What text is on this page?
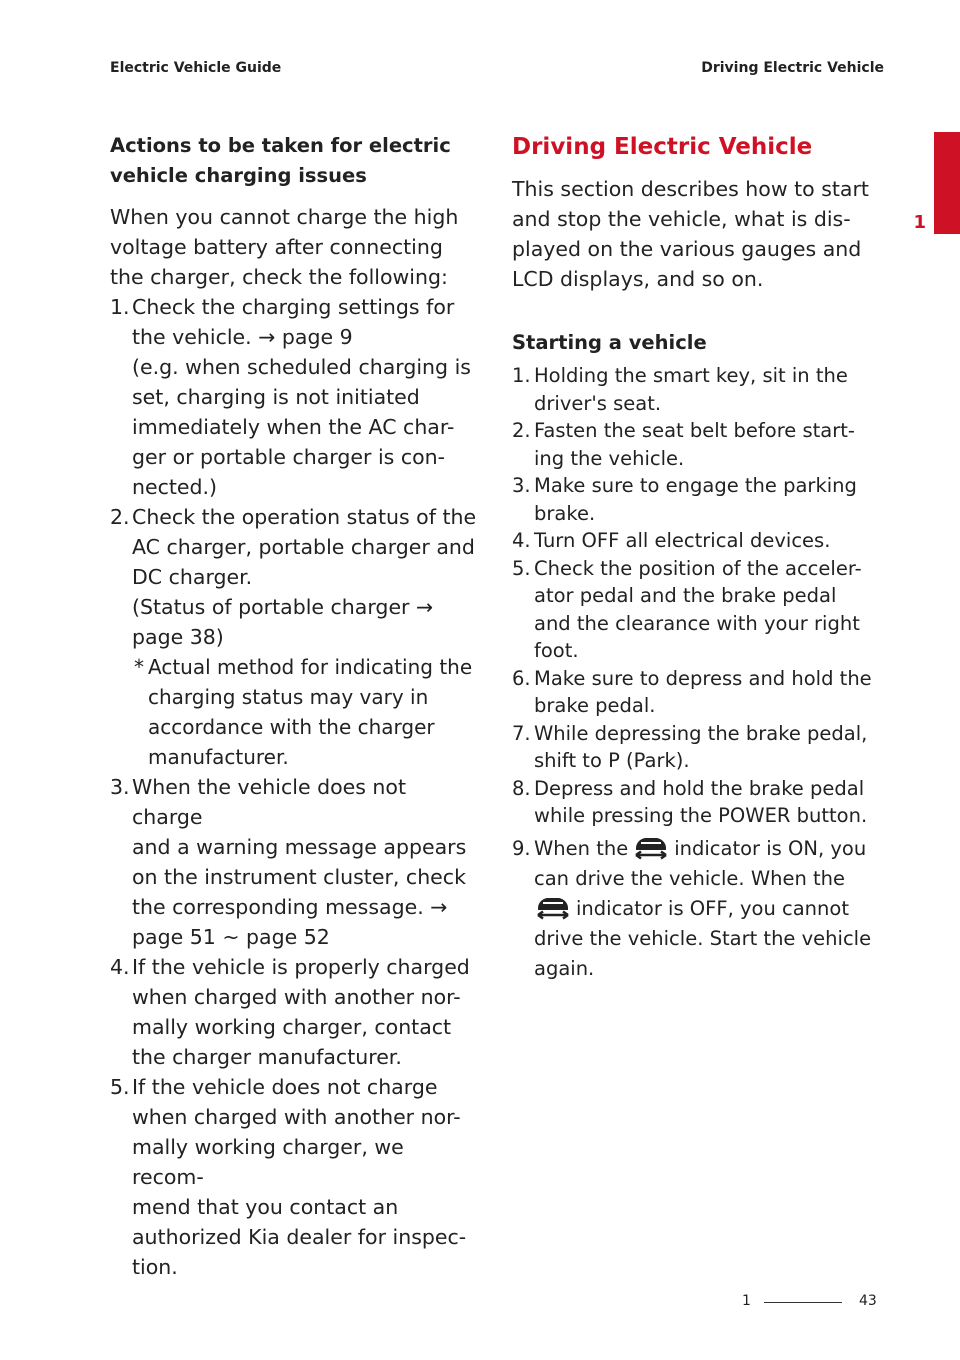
Electric Vehicle Guide	Driving Electric Vehicle
1
Actions to be taken for electric
vehicle charging issues

When you cannot charge the high
voltage battery after connecting
the charger, check the following:

1. Check the charging settings for
the vehicle. → page 9
(e.g. when scheduled charging is
set, charging is not initiated
immediately when the AC char-
ger or portable charger is con-
nected.)
2. Check the operation status of the
AC charger, portable charger and
DC charger.
(Status of portable charger →
page 38)
* Actual method for indicating the
charging status may vary in
accordance with the charger
manufacturer.
3. When the vehicle does not charge
and a warning message appears
on the instrument cluster, check
the corresponding message. →
page 51 ~ page 52
4. If the vehicle is properly charged
when charged with another nor-
mally working charger, contact
the charger manufacturer.
5. If the vehicle does not charge
when charged with another nor-
mally working charger, we recom-
mend that you contact an
authorized Kia dealer for inspec-
tion.
Driving Electric Vehicle

This section describes how to start
and stop the vehicle, what is dis-
played on the various gauges and
LCD displays, and so on.

Starting a vehicle
1. Holding the smart key, sit in the
driver's seat.
2. Fasten the seat belt before start-
ing the vehicle.
3. Make sure to engage the parking
brake.
4. Turn OFF all electrical devices.
5. Check the position of the acceler-
ator pedal and the brake pedal
and the clearance with your right
foot.
6. Make sure to depress and hold the
brake pedal.
7. While depressing the brake pedal,
shift to P (Park).
8. Depress and hold the brake pedal
while pressing the POWER button.
9. When the indicator is ON, you
can drive the vehicle. When the
indicator is OFF, you cannot
drive the vehicle. Start the vehicle
again.
1	43
